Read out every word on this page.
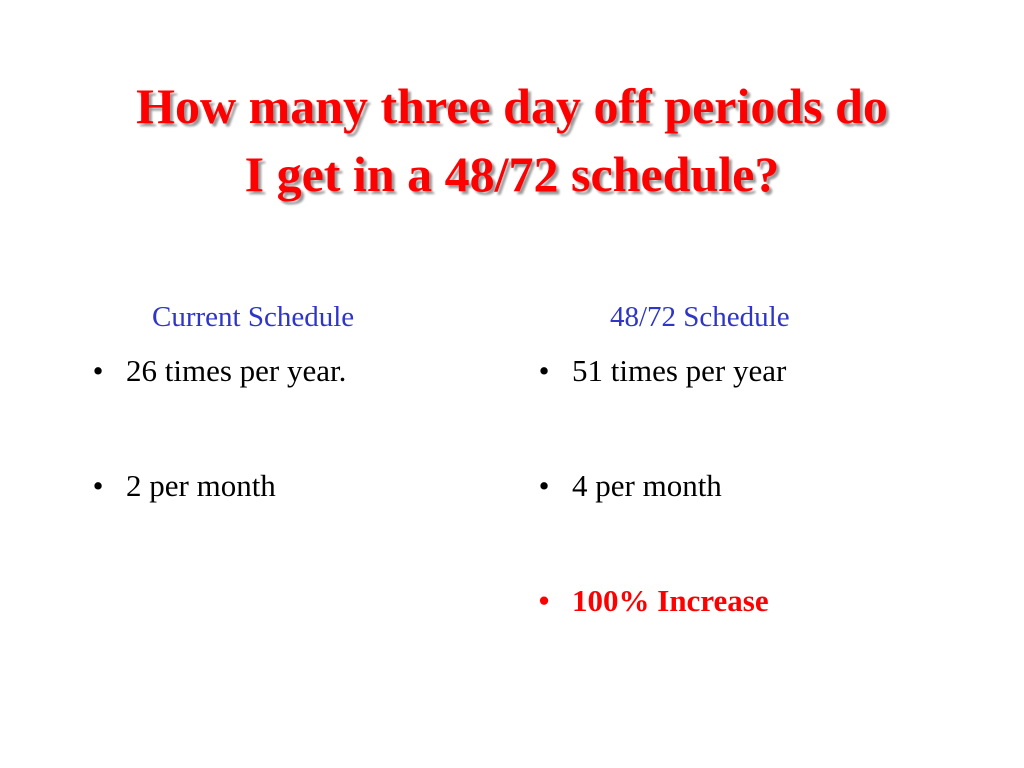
How many three day off periods do
I get in a 48/72 schedule?
Current Schedule
• 26 times per year.
• 2 per month
48/72 Schedule
• 51 times per year
• 4 per month
• 100% Increase
